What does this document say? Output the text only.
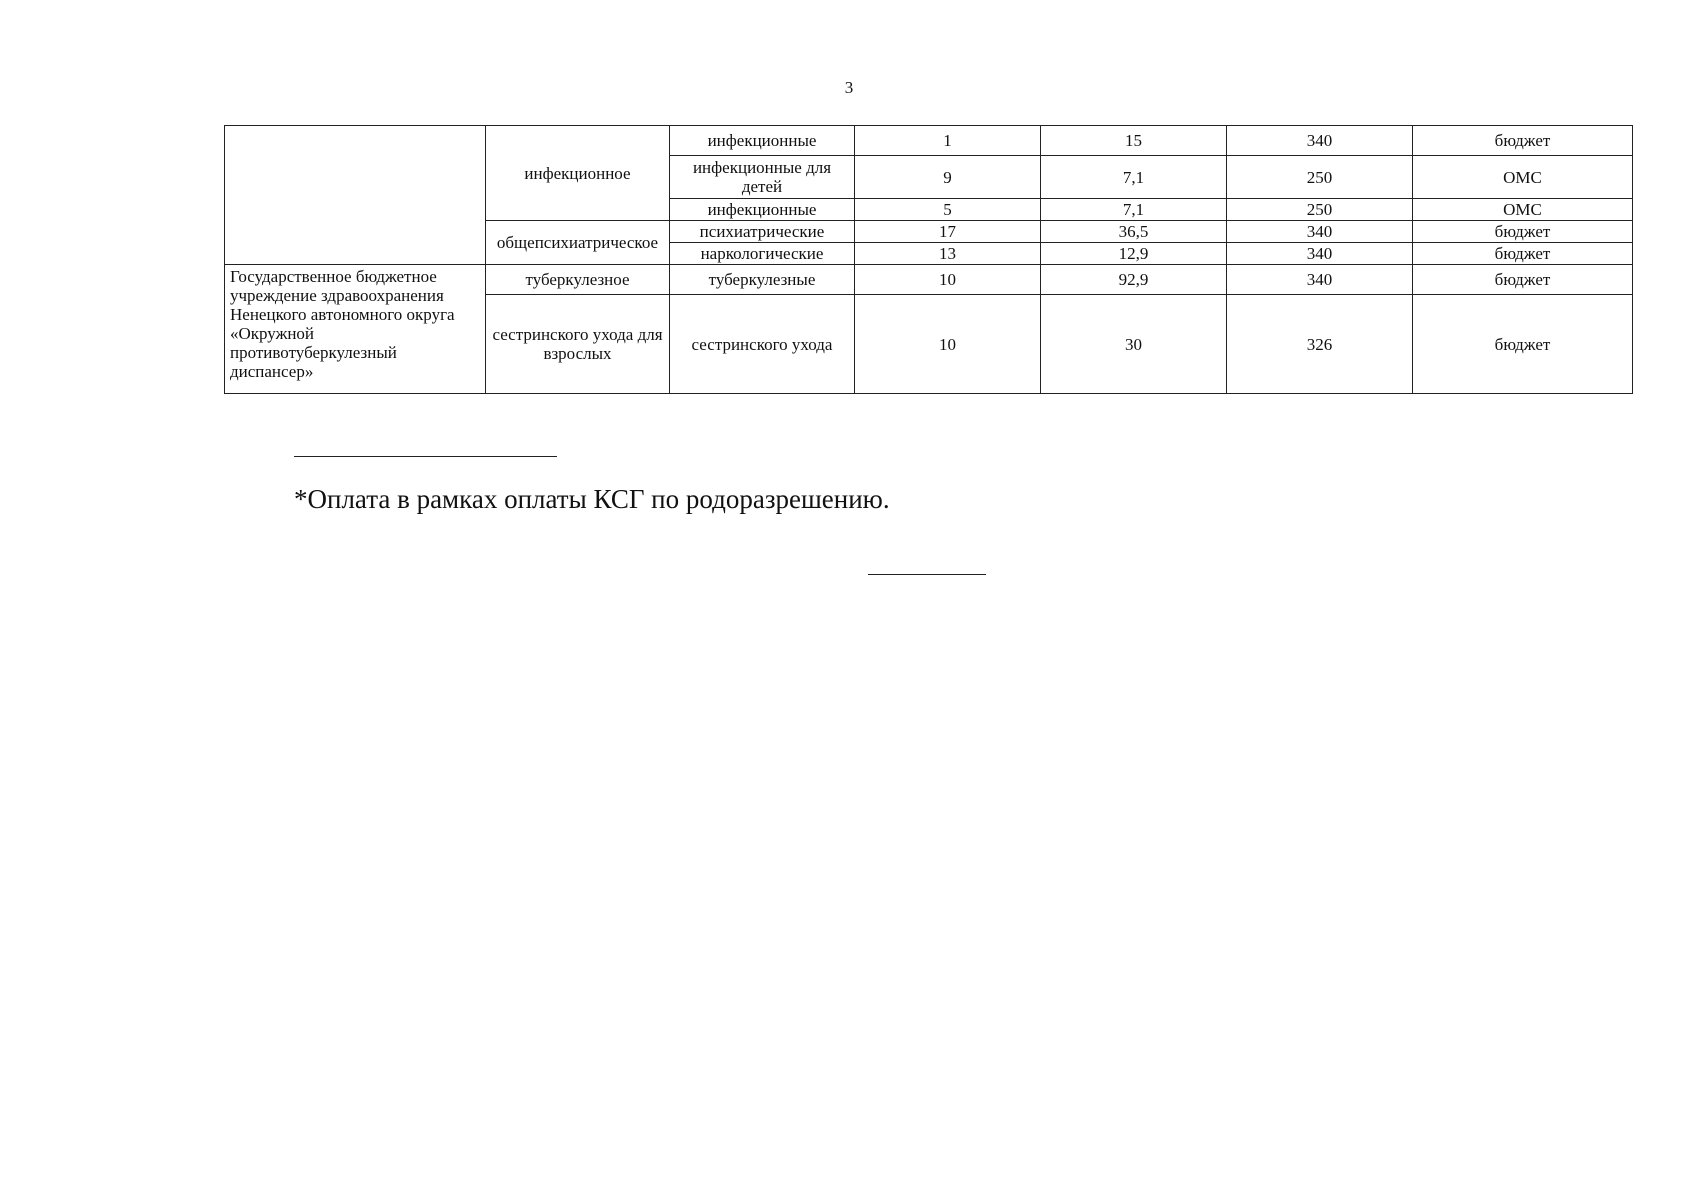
3
	инфекционное	инфекционные	1	15	340	бюджет
		инфекционные для детей	9	7,1	250	ОМС
		инфекционные	5	7,1	250	ОМС
	общепсихиатрическое	психиатрические	17	36,5	340	бюджет
		наркологические	13	12,9	340	бюджет
Государственное бюджетное учреждение здравоохранения Ненецкого автономного округа «Окружной противотуберкулезный диспансер»	туберкулезное	туберкулезные	10	92,9	340	бюджет
	сестринского ухода для взрослых	сестринского ухода	10	30	326	бюджет
*Оплата в рамках оплаты КСГ по родоразрешению.
